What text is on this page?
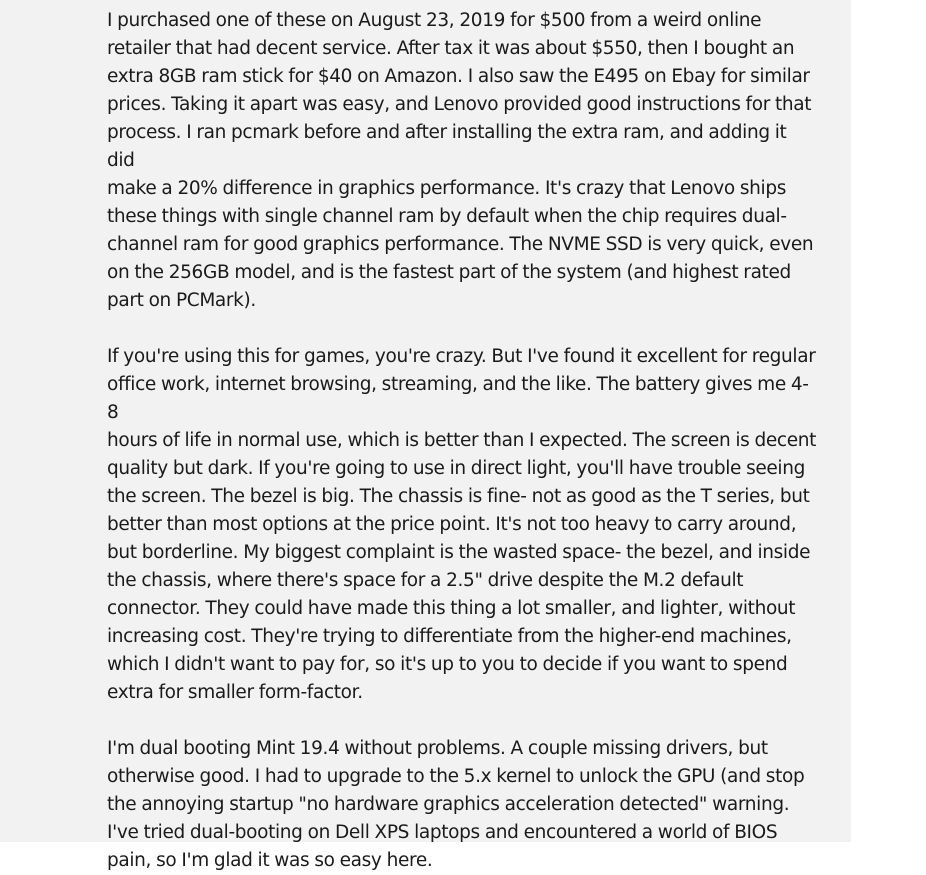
I purchased one of these on August 23, 2019 for $500 from a weird online
retailer that had decent service. After tax it was about $550, then I bought an
extra 8GB ram stick for $40 on Amazon. I also saw the E495 on Ebay for similar
prices. Taking it apart was easy, and Lenovo provided good instructions for that
process. I ran pcmark before and after installing the extra ram, and adding it did
make a 20% difference in graphics performance. It's crazy that Lenovo ships
these things with single channel ram by default when the chip requires dual-
channel ram for good graphics performance. The NVME SSD is very quick, even
on the 256GB model, and is the fastest part of the system (and highest rated
part on PCMark).

If you're using this for games, you're crazy. But I've found it excellent for regular
office work, internet browsing, streaming, and the like. The battery gives me 4-8
hours of life in normal use, which is better than I expected. The screen is decent
quality but dark. If you're going to use in direct light, you'll have trouble seeing
the screen. The bezel is big. The chassis is fine- not as good as the T series, but
better than most options at the price point. It's not too heavy to carry around,
but borderline. My biggest complaint is the wasted space- the bezel, and inside
the chassis, where there's space for a 2.5" drive despite the M.2 default
connector. They could have made this thing a lot smaller, and lighter, without
increasing cost. They're trying to differentiate from the higher-end machines,
which I didn't want to pay for, so it's up to you to decide if you want to spend
extra for smaller form-factor.

I'm dual booting Mint 19.4 without problems. A couple missing drivers, but
otherwise good. I had to upgrade to the 5.x kernel to unlock the GPU (and stop
the annoying startup "no hardware graphics acceleration detected" warning.
I've tried dual-booting on Dell XPS laptops and encountered a world of BIOS
pain, so I'm glad it was so easy here.
